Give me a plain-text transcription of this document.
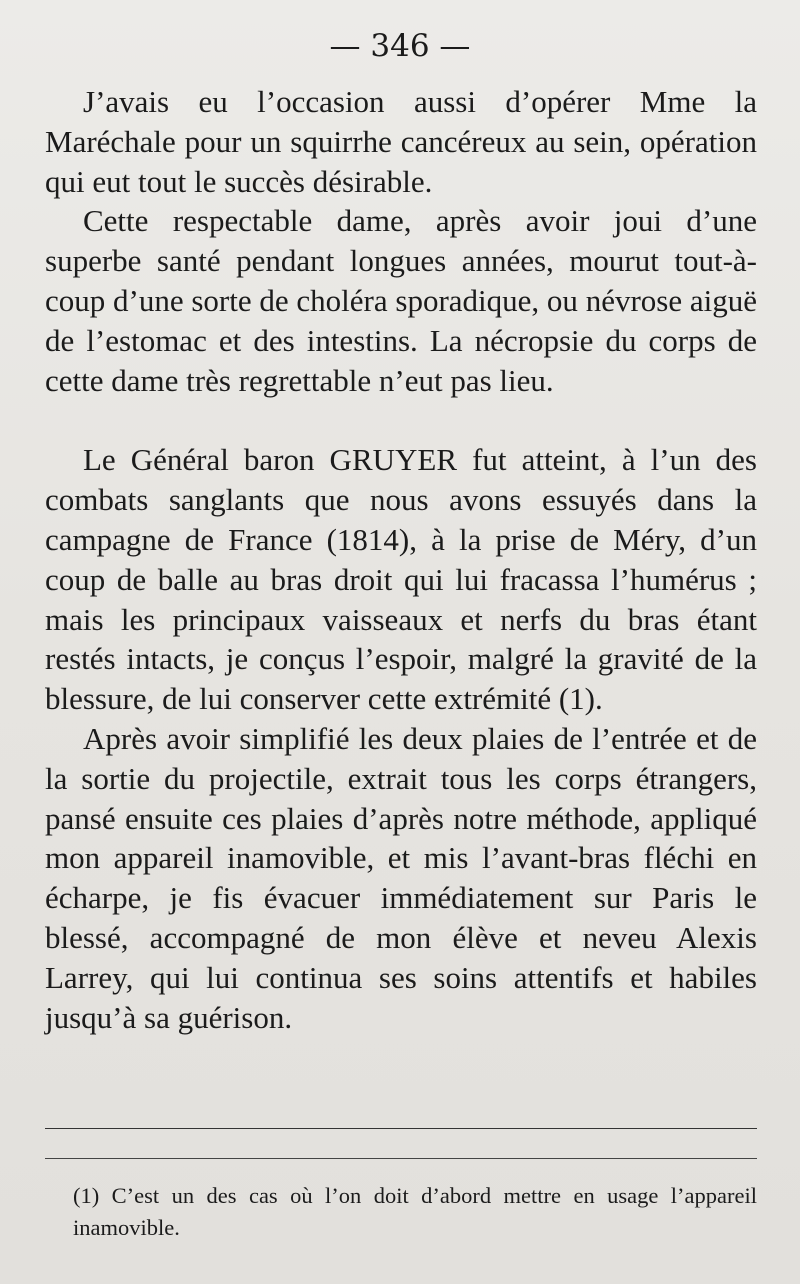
— 346 —

J’avais eu l’occasion aussi d’opérer Mme la Maréchale pour un squirrhe cancéreux au sein, opération qui eut tout le succès désirable.

Cette respectable dame, après avoir joui d’une superbe santé pendant longues années, mourut tout-à-coup d’une sorte de choléra sporadique, ou névrose aiguë de l’estomac et des intestins. La nécropsie du corps de cette dame très regrettable n’eut pas lieu.

Le Général baron GRUYER fut atteint, à l’un des combats sanglants que nous avons essuyés dans la campagne de France (1814), à la prise de Méry, d’un coup de balle au bras droit qui lui fracassa l’humérus ; mais les principaux vaisseaux et nerfs du bras étant restés intacts, je conçus l’espoir, malgré la gravité de la blessure, de lui conserver cette extrémité (1).

Après avoir simplifié les deux plaies de l’entrée et de la sortie du projectile, extrait tous les corps étrangers, pansé ensuite ces plaies d’après notre méthode, appliqué mon appareil inamovible, et mis l’avant-bras fléchi en écharpe, je fis évacuer immédiatement sur Paris le blessé, accompagné de mon élève et neveu Alexis Larrey, qui lui continua ses soins attentifs et habiles jusqu’à sa guérison.

(1) C’est un des cas où l’on doit d’abord mettre en usage l’appareil inamovible.
